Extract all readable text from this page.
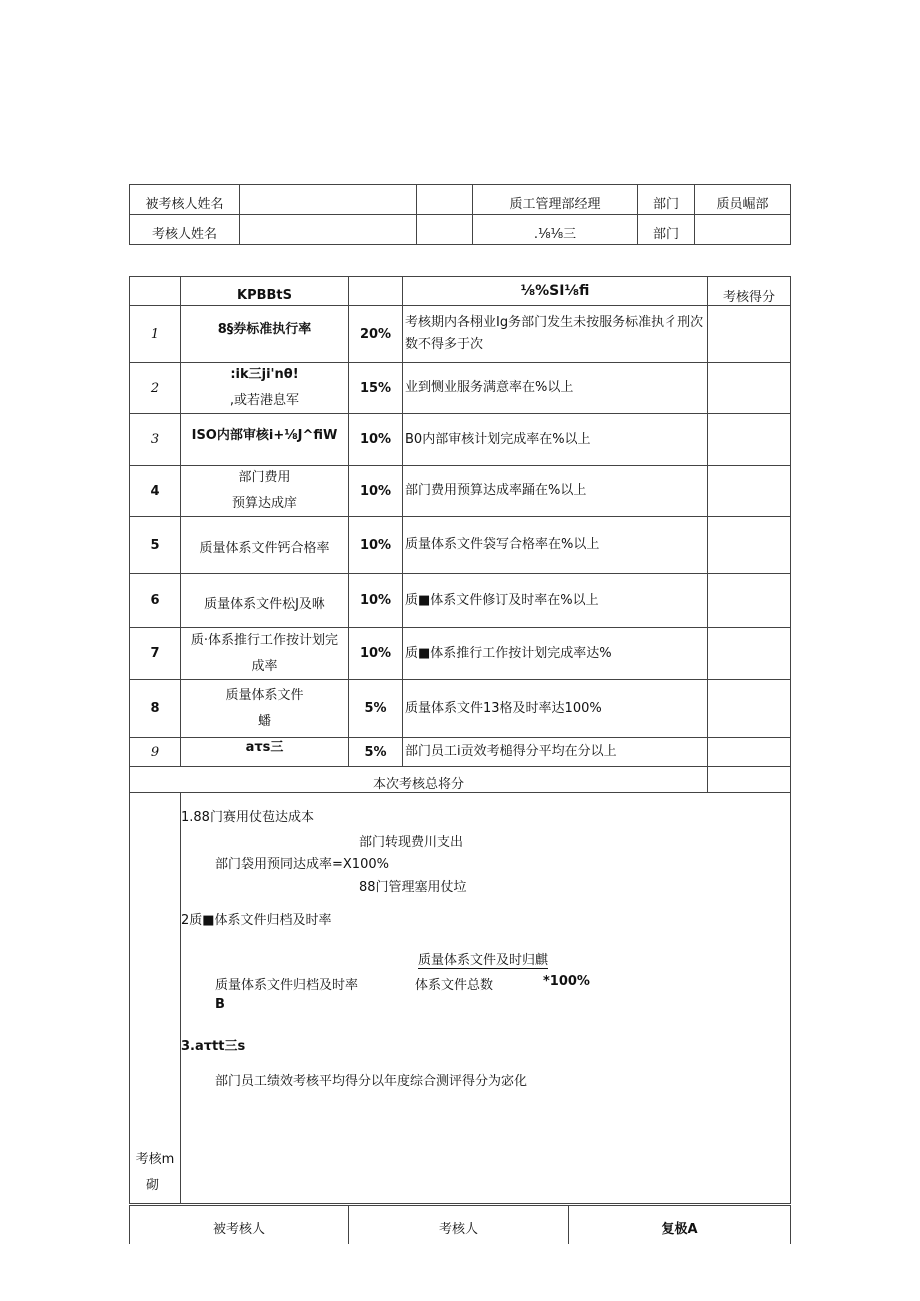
被考核人姓名			质工管理部经理	部门	质员崛部
考核人姓名			.⅛⅛三	部门	
	KPBBtS		⅛%SI⅛fi	考核得分
1	8§券标准执行率	20%	考核期内各栩业Ig务部门发生未按服务标准执彳刑次
数不得多于次	

2	:ik三ji'nθ!
,或若港息军	15%	业到恻业服务满意率在%以上	

3	ISO内部审核i+⅛J^fiW	10%	B0内部审核计划完成率在%以上	

4	部门费用
预算达成庠	10%	部门费用预算达成率踊在%以上	

5	质量体系文件钙合格率	10%	质量体系文件袋写合格率在%以上	

6	质量体系文件松J及咻	10%	质■体系文件修订及时率在%以上	

7	质·体系推行工作按计划完
成率	10%	质■体系推行工作按计划完成率达%	

8	质量体系文件
蟠	5%	质量体系文件13格及时率达100%	

9	aτs三	5%	部门员工i贡效考槌得分平均在分以上	

本次考核总将分				

考核m
砌				

1.88门赛用仗苞达成本
部门转现费川支出
部门袋用预同达成率=X100%
88门管理塞用仗垃
2质■体系文件归档及时率
质量体系文件及时归麒
质量体系文件归档及时率	体系文件总数	*100%
B
3.aτtt三s
部门员工绩效考核平均得分以年度综合测评得分为宓化
被考核人	考核人	复极A
